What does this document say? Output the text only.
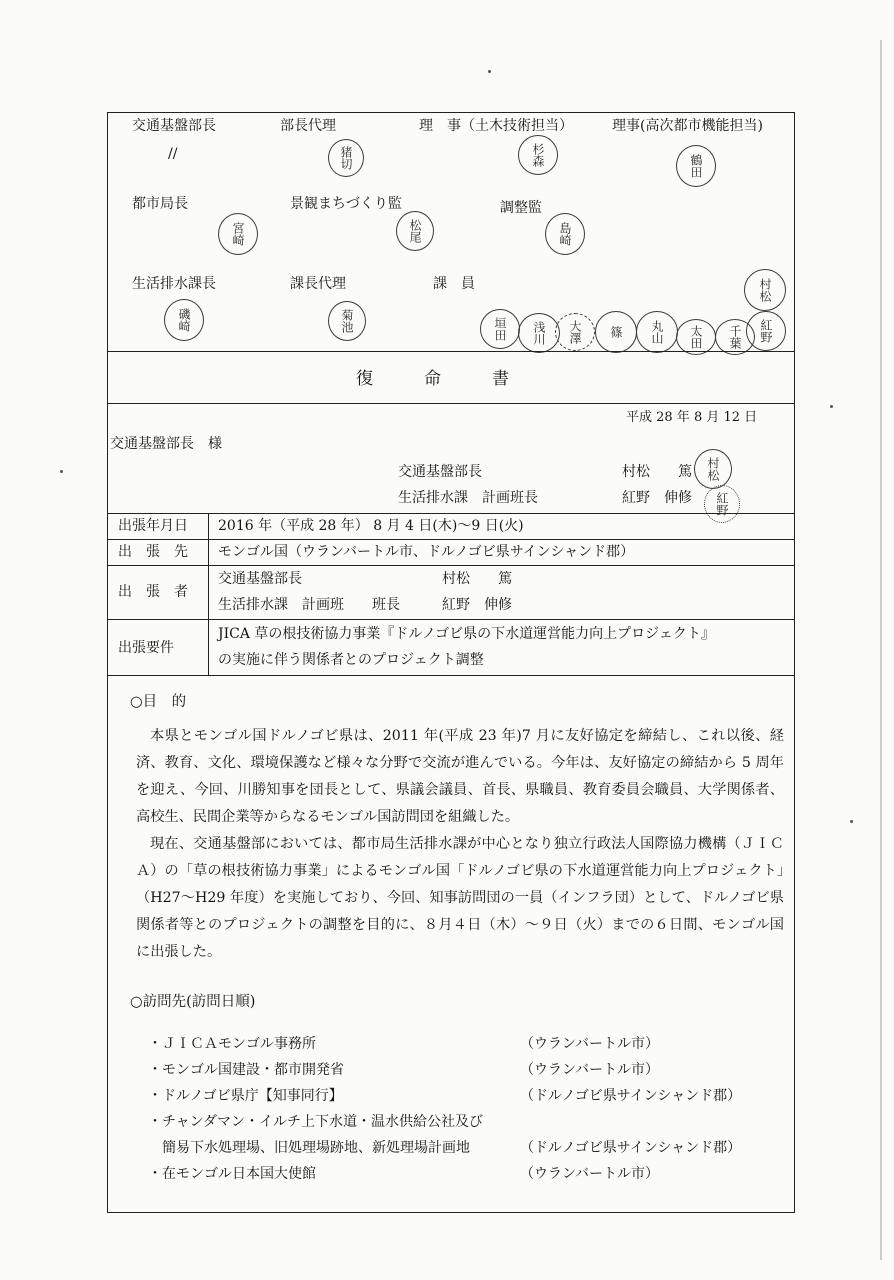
交通基盤部長	部長代理	理　事（土木技術担当）	理事(高次都市機能担当)
//	猪切	杉森	鶴田
都市局長	景観まちづくり監	調整監
宮崎	松尾	島崎
生活排水課長	課長代理	課　員
磯崎	菊池	垣田	浅川	大澤	篠	丸山	太田	千葉
村松
紅野
復　　　命　　　書
平成 28 年 8 月 12 日
交通基盤部長　様
交通基盤部長	村松　　篤
生活排水課　計画班長	紅野　伸修
村松
紅野
出張年月日 2016 年（平成 28 年） 8 月 4 日(木)～9 日(火)
出　張　先 モンゴル国（ウランバートル市、ドルノゴビ県サインシャンド郡）
出　張　者
交通基盤部長	村松　　篤
生活排水課　計画班　　班長	紅野　伸修
出張要件
JICA 草の根技術協力事業『ドルノゴビ県の下水道運営能力向上プロジェクト』
の実施に伴う関係者とのプロジェクト調整
○目　的

本県とモンゴル国ドルノゴビ県は、2011 年(平成 23 年)7 月に友好協定を締結し、これ以後、経済、教育、文化、環境保護など様々な分野で交流が進んでいる。今年は、友好協定の締結から 5 周年を迎え、今回、川勝知事を団長として、県議会議員、首長、県職員、教育委員会職員、大学関係者、高校生、民間企業等からなるモンゴル国訪問団を組織した。

現在、交通基盤部においては、都市局生活排水課が中心となり独立行政法人国際協力機構（ＪＩＣＡ）の「草の根技術協力事業」によるモンゴル国「ドルノゴビ県の下水道運営能力向上プロジェクト」（H27～H29 年度）を実施しており、今回、知事訪問団の一員（インフラ団）として、ドルノゴビ県関係者等とのプロジェクトの調整を目的に、８月４日（木）～９日（火）までの６日間、モンゴル国に出張した。

○訪問先(訪問日順)
・ＪＩＣＡモンゴル事務所	（ウランバートル市）
・モンゴル国建設・都市開発省	（ウランバートル市）
・ドルノゴビ県庁【知事同行】	（ドルノゴビ県サインシャンド郡）
・チャンダマン・イルチ上下水道・温水供給公社及び
　簡易下水処理場、旧処理場跡地、新処理場計画地	（ドルノゴビ県サインシャンド郡）
・在モンゴル日本国大使館	（ウランバートル市）
